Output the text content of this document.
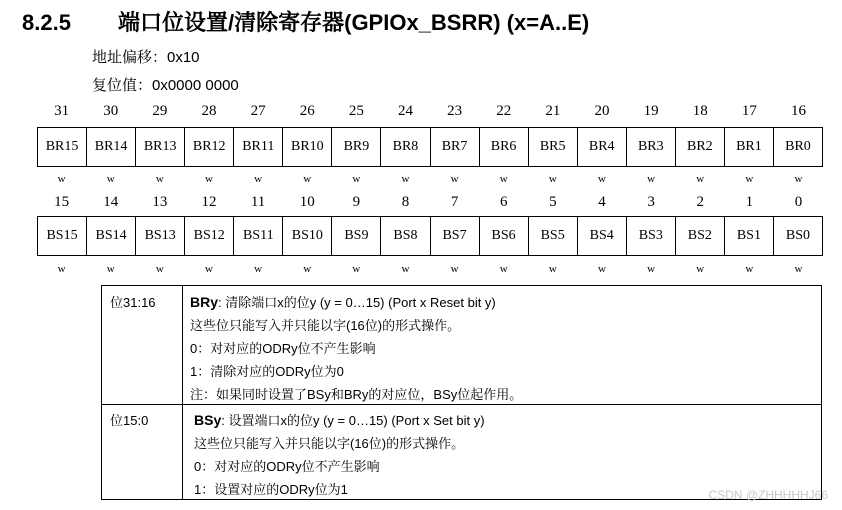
8.2.5 端口位设置/清除寄存器(GPIOx_BSRR) (x=A..E)
地址偏移：0x10
复位值：0x0000 0000
31	30	29	28	27	26	25	24	23	22	21	20	19	18	17	16
BR15	BR14	BR13	BR12	BR11	BR10	BR9	BR8	BR7	BR6	BR5	BR4	BR3	BR2	BR1	BR0
w	w	w	w	w	w	w	w	w	w	w	w	w	w	w	w
15	14	13	12	11	10	9	8	7	6	5	4	3	2	1	0
BS15	BS14	BS13	BS12	BS11	BS10	BS9	BS8	BS7	BS6	BS5	BS4	BS3	BS2	BS1	BS0
w	w	w	w	w	w	w	w	w	w	w	w	w	w	w	w
位31:16 BRy: 清除端口x的位y (y = 0…15) (Port x Reset bit y)
这些位只能写入并只能以字(16位)的形式操作。
0：对对应的ODRy位不产生影响
1：清除对应的ODRy位为0
注：如果同时设置了BSy和BRy的对应位，BSy位起作用。
位15:0	BSy: 设置端口x的位y (y = 0…15) (Port x Set bit y)
这些位只能写入并只能以字(16位)的形式操作。
0：对对应的ODRy位不产生影响
1：设置对应的ODRy位为1	CSDN @ZHHHHHJ66
